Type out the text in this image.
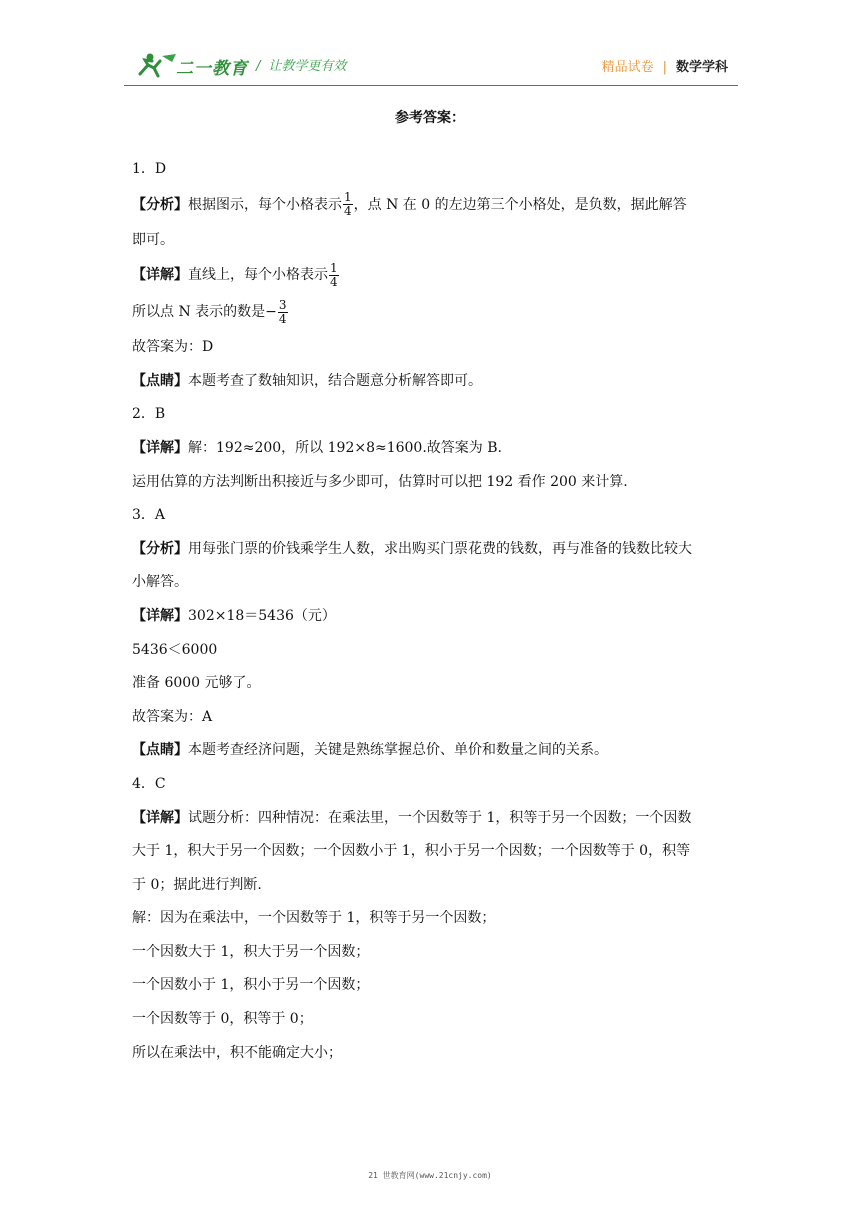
二一教育 / 让教学更有效	精品试卷 | 数学学科
参考答案：
1．D
【分析】根据图示，每个小格表示 $\frac{1}{4}$ ，点 N 在 0 的左边第三个小格处，是负数，据此解答
即可。
【详解】直线上，每个小格表示 $\frac{1}{4}$
所以点 N 表示的数是− $\frac{3}{4}$
故答案为：D
【点睛】本题考查了数轴知识，结合题意分析解答即可。
2．B
【详解】解：192≈200，所以 192×8≈1600.故答案为 B.
运用估算的方法判断出积接近与多少即可，估算时可以把 192 看作 200 来计算.
3．A
【分析】用每张门票的价钱乘学生人数，求出购买门票花费的钱数，再与准备的钱数比较大
小解答。
【详解】302×18＝5436（元）
5436＜6000
准备 6000 元够了。
故答案为：A
【点睛】本题考查经济问题，关键是熟练掌握总价、单价和数量之间的关系。
4．C
【详解】试题分析：四种情况：在乘法里，一个因数等于 1，积等于另一个因数；一个因数
大于 1，积大于另一个因数；一个因数小于 1，积小于另一个因数；一个因数等于 0，积等
于 0；据此进行判断.
解：因为在乘法中，一个因数等于 1，积等于另一个因数；
一个因数大于 1，积大于另一个因数；
一个因数小于 1，积小于另一个因数；
一个因数等于 0，积等于 0；
所以在乘法中，积不能确定大小；
21 世教育网(www.21cnjy.com)
